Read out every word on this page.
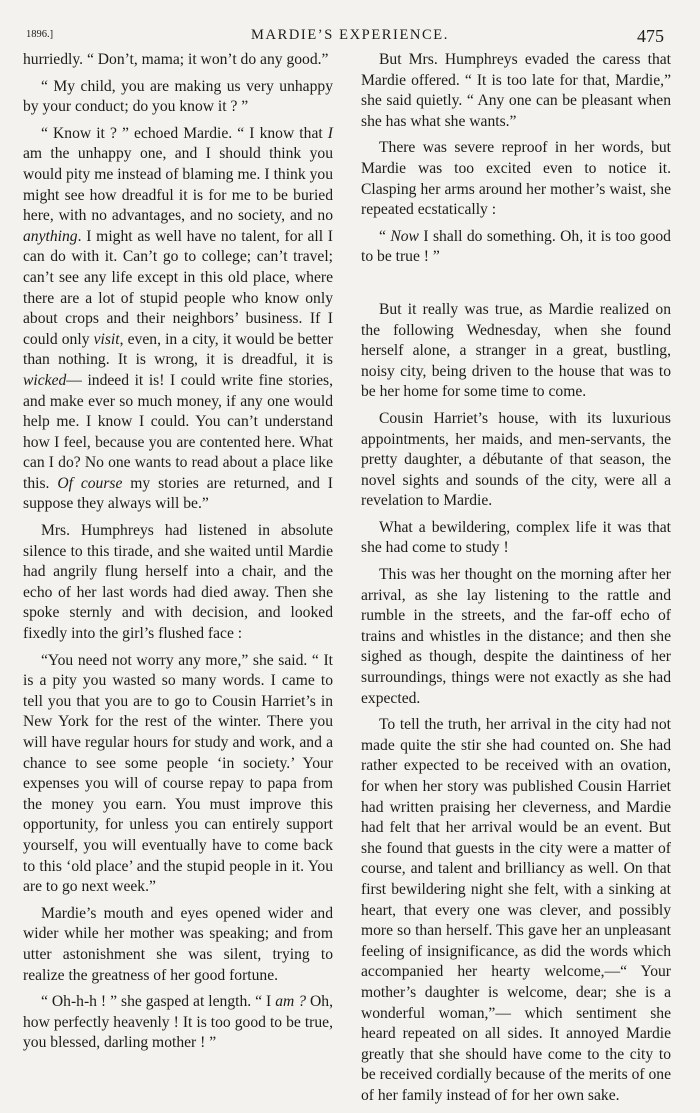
1896.]	MARDIE’S EXPERIENCE.	475

hurriedly. “ Don’t, mama; it won’t do any good.”

“ My child, you are making us very unhappy by your conduct; do you know it ? ”

“ Know it ? ” echoed Mardie. “ I know that I am the unhappy one, and I should think you would pity me instead of blaming me. I think you might see how dreadful it is for me to be buried here, with no advantages, and no society, and no anything. I might as well have no talent, for all I can do with it. Can’t go to college; can’t travel; can’t see any life except in this old place, where there are a lot of stupid people who know only about crops and their neighbors’ business. If I could only visit, even, in a city, it would be better than nothing. It is wrong, it is dreadful, it is wicked— indeed it is! I could write fine stories, and make ever so much money, if any one would help me. I know I could. You can’t understand how I feel, because you are contented here. What can I do? No one wants to read about a place like this. Of course my stories are returned, and I suppose they always will be.”

Mrs. Humphreys had listened in absolute silence to this tirade, and she waited until Mardie had angrily flung herself into a chair, and the echo of her last words had died away. Then she spoke sternly and with decision, and looked fixedly into the girl’s flushed face :

“You need not worry any more,” she said. “ It is a pity you wasted so many words. I came to tell you that you are to go to Cousin Harriet’s in New York for the rest of the winter. There you will have regular hours for study and work, and a chance to see some people ‘in society.’ Your expenses you will of course repay to papa from the money you earn. You must improve this opportunity, for unless you can entirely support yourself, you will eventually have to come back to this ‘old place’ and the stupid people in it. You are to go next week.”

Mardie’s mouth and eyes opened wider and wider while her mother was speaking; and from utter astonishment she was silent, trying to realize the greatness of her good fortune.

“ Oh-h-h ! ” she gasped at length. “ I am ? Oh, how perfectly heavenly ! It is too good to be true, you blessed, darling mother ! ”

But Mrs. Humphreys evaded the caress that Mardie offered. “ It is too late for that, Mardie,” she said quietly. “ Any one can be pleasant when she has what she wants.”

There was severe reproof in her words, but Mardie was too excited even to notice it. Clasping her arms around her mother’s waist, she repeated ecstatically :

“ Now I shall do something. Oh, it is too good to be true ! ”

But it really was true, as Mardie realized on the following Wednesday, when she found herself alone, a stranger in a great, bustling, noisy city, being driven to the house that was to be her home for some time to come.

Cousin Harriet’s house, with its luxurious appointments, her maids, and men-servants, the pretty daughter, a débutante of that season, the novel sights and sounds of the city, were all a revelation to Mardie.

What a bewildering, complex life it was that she had come to study !

This was her thought on the morning after her arrival, as she lay listening to the rattle and rumble in the streets, and the far-off echo of trains and whistles in the distance; and then she sighed as though, despite the daintiness of her surroundings, things were not exactly as she had expected.

To tell the truth, her arrival in the city had not made quite the stir she had counted on. She had rather expected to be received with an ovation, for when her story was published Cousin Harriet had written praising her cleverness, and Mardie had felt that her arrival would be an event. But she found that guests in the city were a matter of course, and talent and brilliancy as well. On that first bewildering night she felt, with a sinking at heart, that every one was clever, and possibly more so than herself. This gave her an unpleasant feeling of insignificance, as did the words which accompanied her hearty welcome,—“ Your mother’s daughter is welcome, dear; she is a wonderful woman,”— which sentiment she heard repeated on all sides. It annoyed Mardie greatly that she should have come to the city to be received cordially because of the merits of one of her family instead of for her own sake.
